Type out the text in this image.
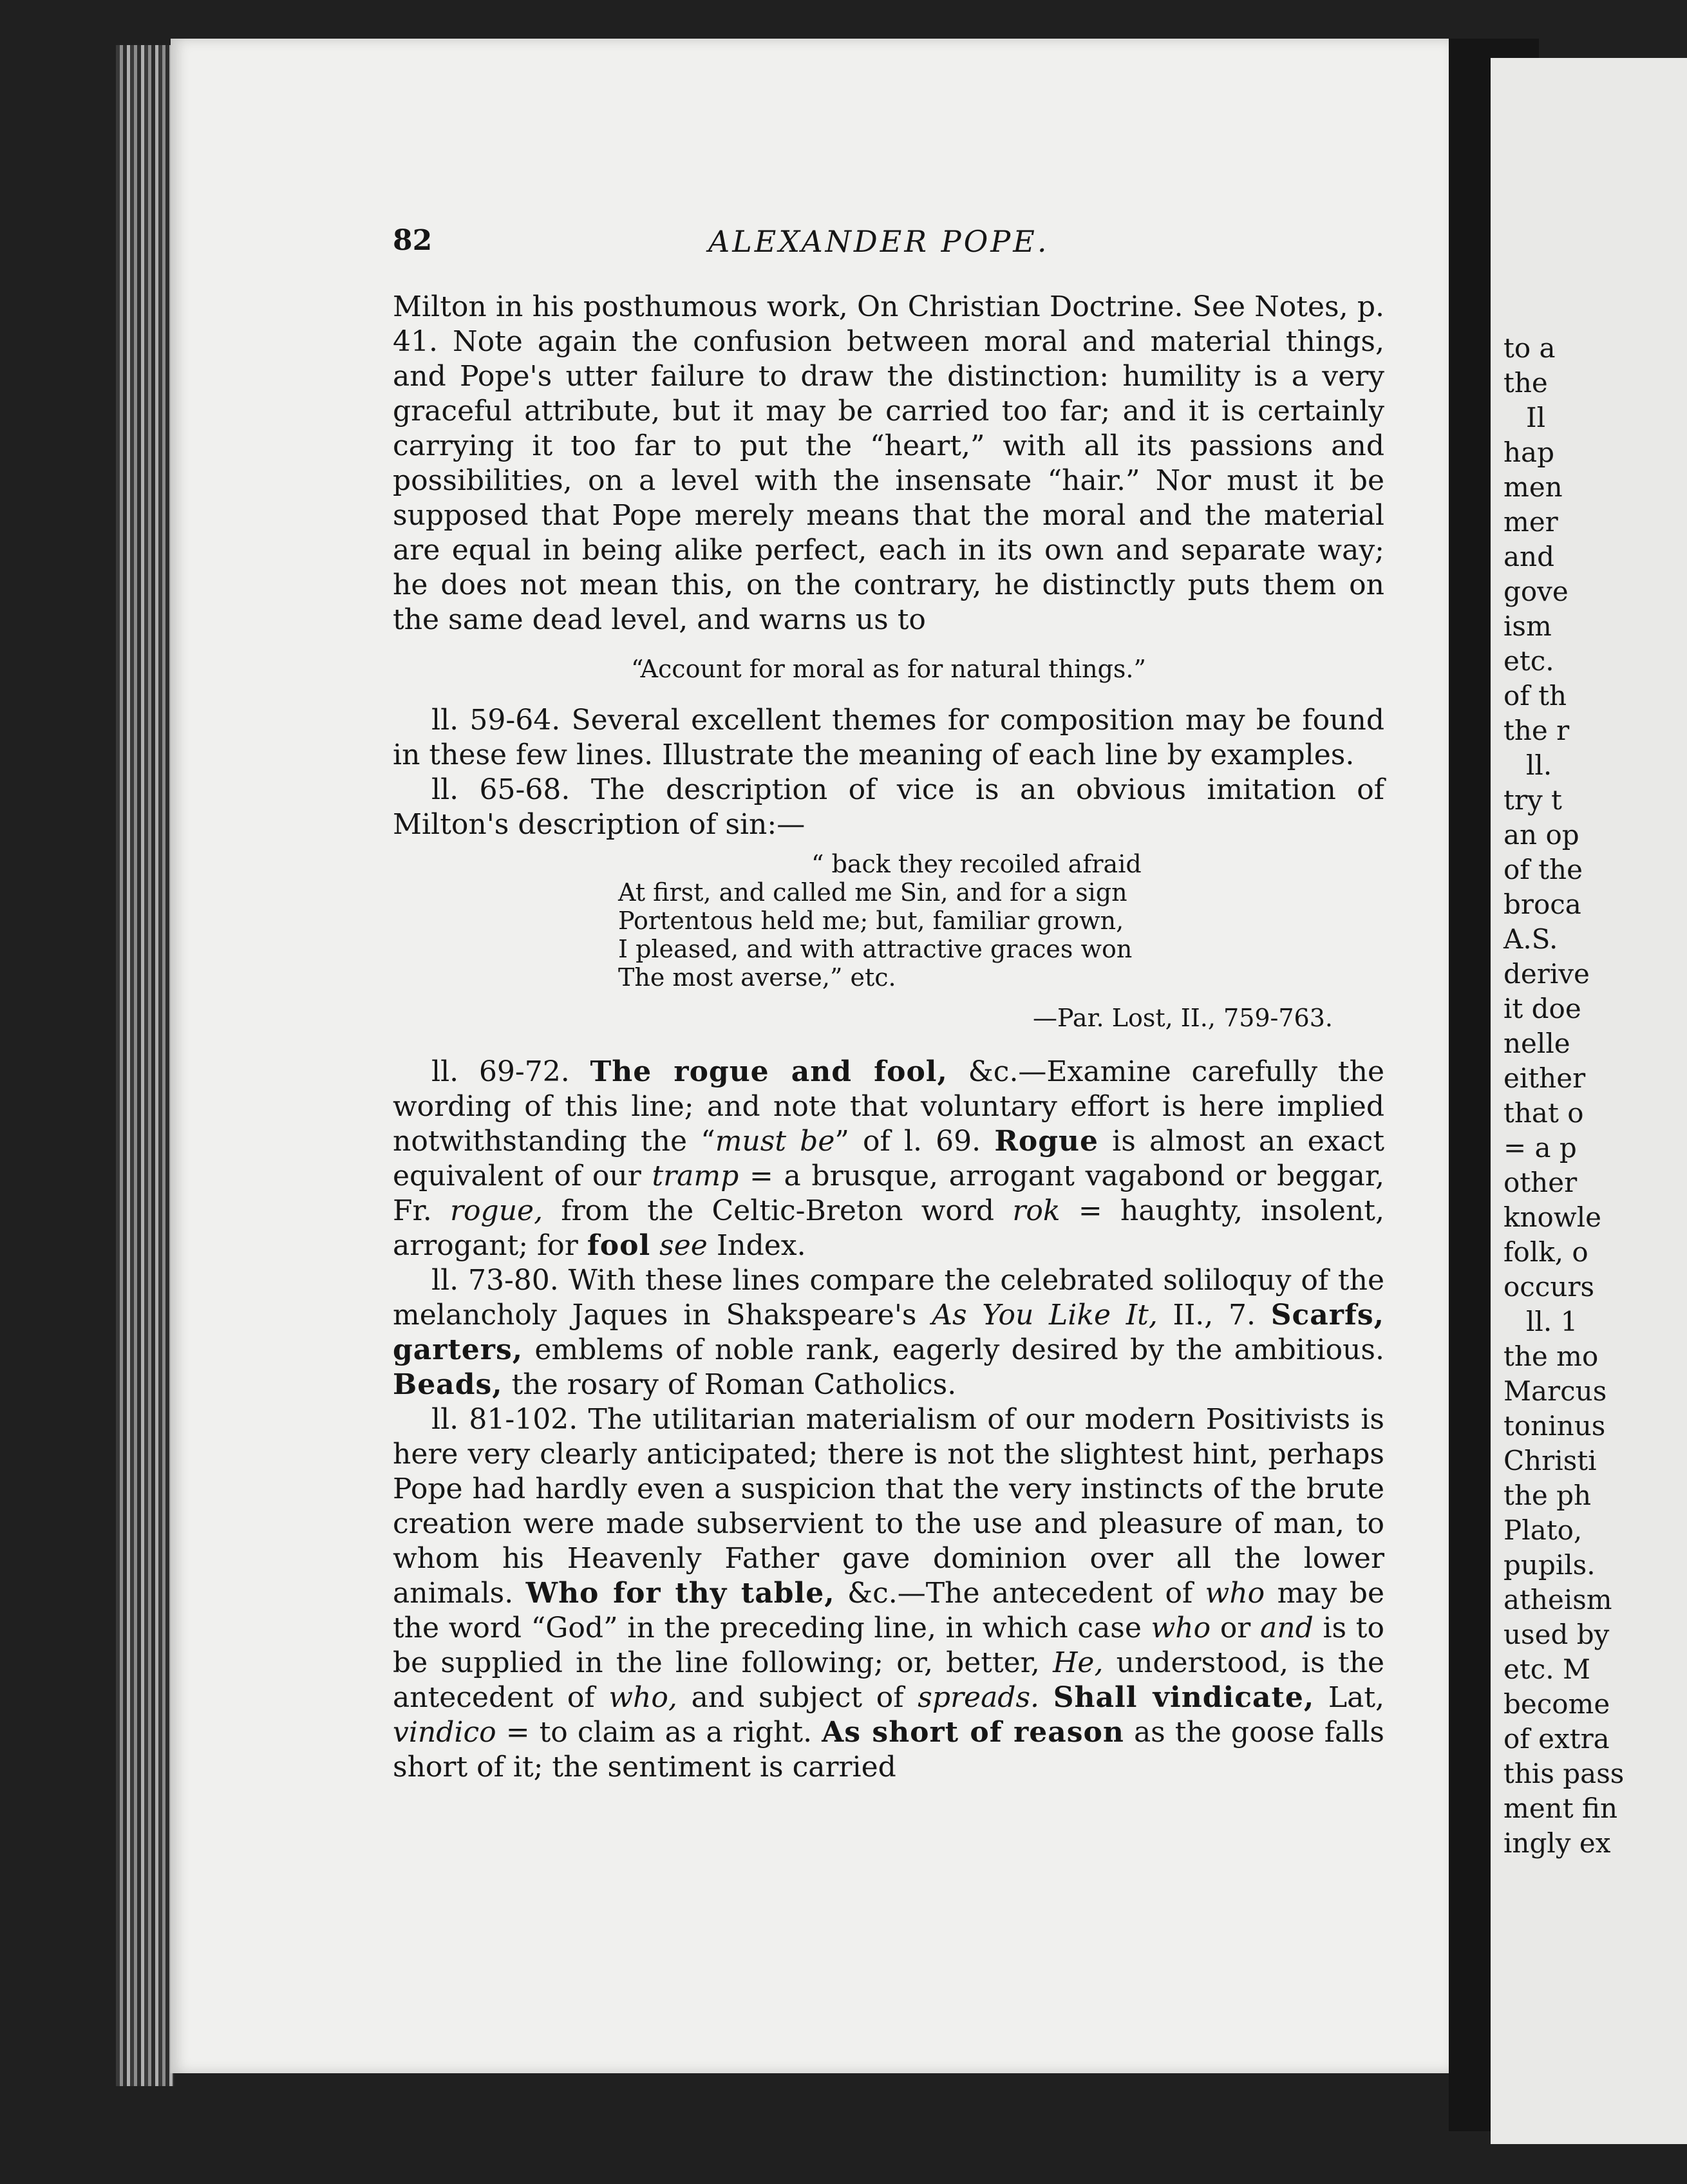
to a
the
Il
hap
men
mer
and
gove
ism
etc.
of th
the r
ll.
try t
an op
of the
broca
A.S.
derive
it doe
nelle
either
that o
= a p
other
knowle
folk, o
occurs
ll. 1
the mo
Marcus
toninus
Christi
the ph
Plato,
pupils.
atheism
used by
etc. M
become
of extra
this pass
ment fin
ingly ex
82	ALEXANDER POPE.

Milton in his posthumous work, On Christian Doctrine. See Notes, p. 41. Note again the confusion between moral and material things, and Pope's utter failure to draw the distinction: humility is a very graceful attribute, but it may be carried too far; and it is certainly carrying it too far to put the “heart,” with all its passions and possibilities, on a level with the insensate “hair.” Nor must it be supposed that Pope merely means that the moral and the material are equal in being alike perfect, each in its own and separate way; he does not mean this, on the contrary, he distinctly puts them on the same dead level, and warns us to

“Account for moral as for natural things.”

ll. 59-64. Several excellent themes for composition may be found in these few lines. Illustrate the meaning of each line by examples.

ll. 65-68. The description of vice is an obvious imitation of Milton's description of sin:—

“ back they recoiled afraid
At first, and called me Sin, and for a sign
Portentous held me; but, familiar grown,
I pleased, and with attractive graces won
The most averse,” etc.
—Par. Lost, II., 759-763.

ll. 69-72. The rogue and fool, &c.—Examine carefully the wording of this line; and note that voluntary effort is here implied notwithstanding the “must be” of l. 69. Rogue is almost an exact equivalent of our tramp = a brusque, arrogant vagabond or beggar, Fr. rogue, from the Celtic-Breton word rok = haughty, insolent, arrogant; for fool see Index.

ll. 73-80. With these lines compare the celebrated soliloquy of the melancholy Jaques in Shakspeare's As You Like It, II., 7. Scarfs, garters, emblems of noble rank, eagerly desired by the ambitious. Beads, the rosary of Roman Catholics.

ll. 81-102. The utilitarian materialism of our modern Positivists is here very clearly anticipated; there is not the slightest hint, perhaps Pope had hardly even a suspicion that the very instincts of the brute creation were made subservient to the use and pleasure of man, to whom his Heavenly Father gave dominion over all the lower animals. Who for thy table, &c.—The antecedent of who may be the word “God” in the preceding line, in which case who or and is to be supplied in the line following; or, better, He, understood, is the antecedent of who, and subject of spreads. Shall vindicate, Lat, vindico = to claim as a right. As short of reason as the goose falls short of it; the sentiment is carried
